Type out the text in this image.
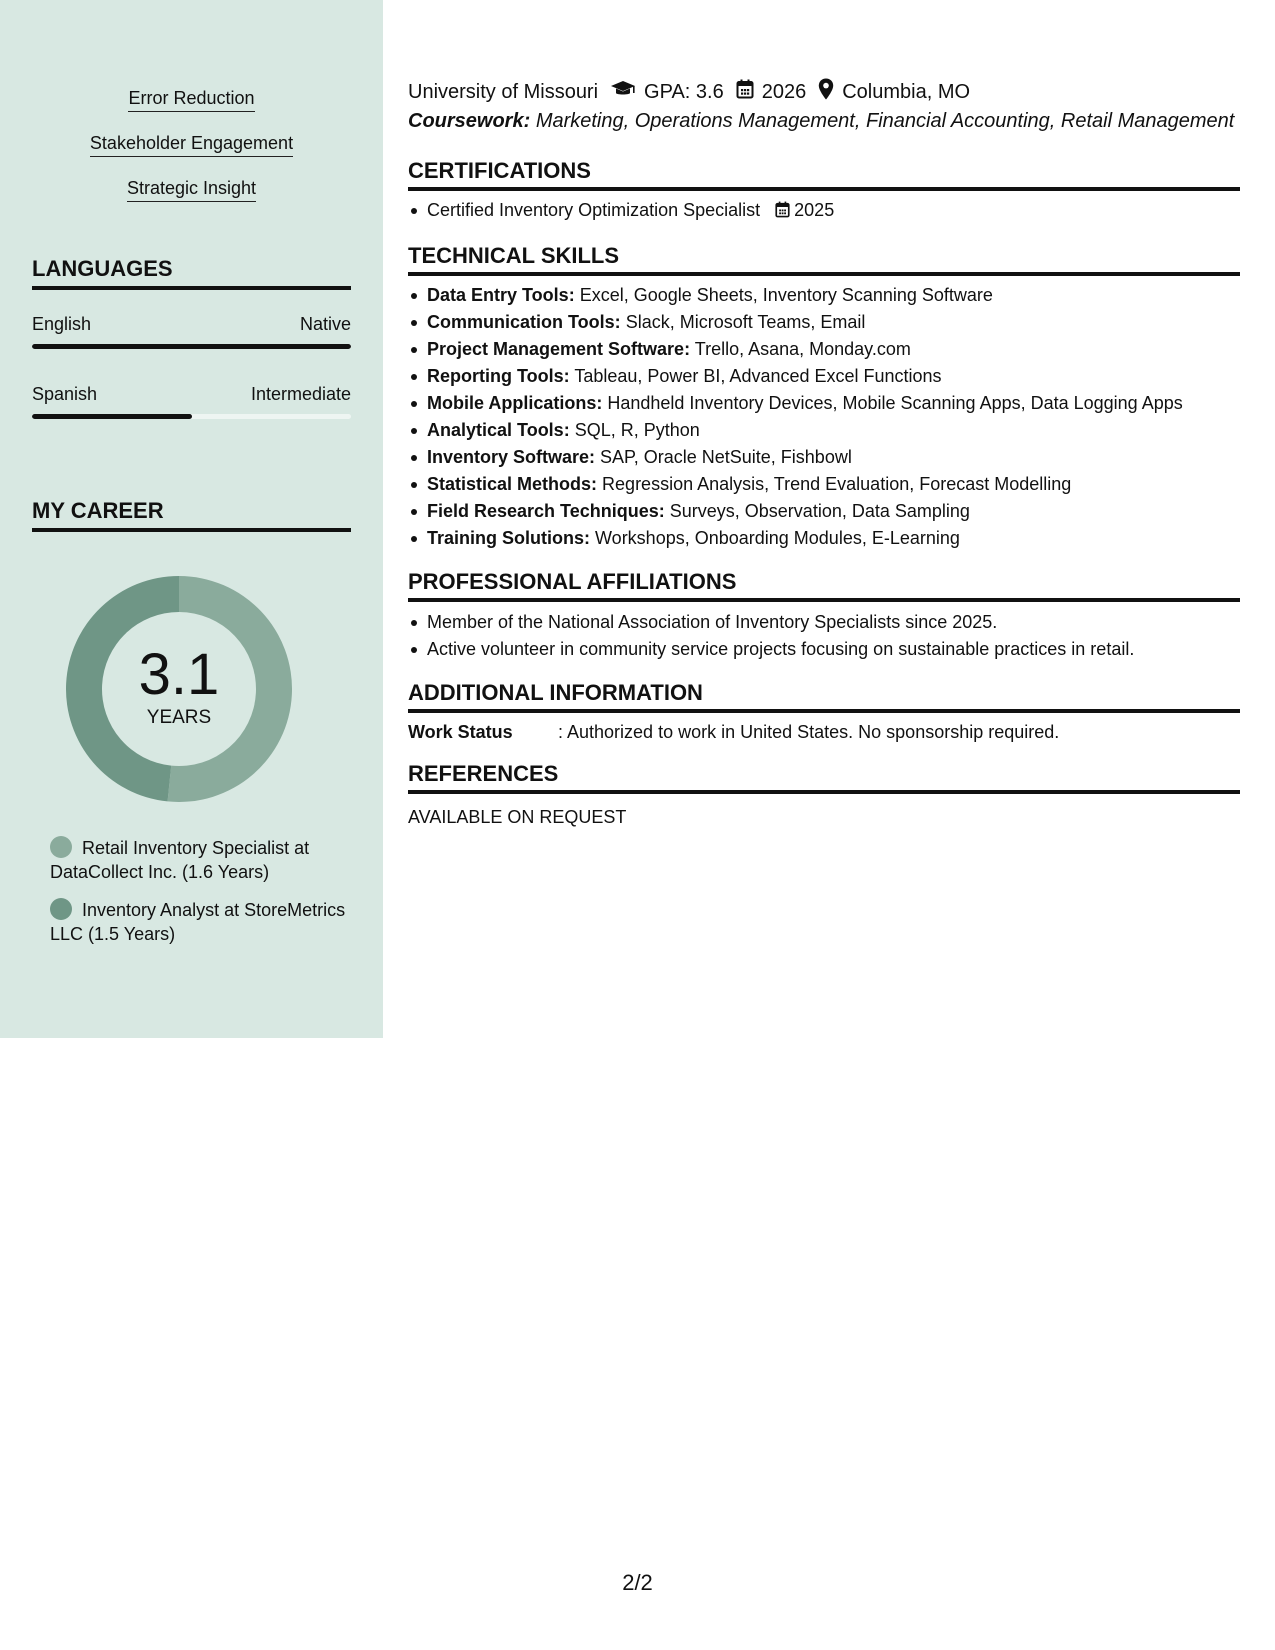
Error Reduction
Stakeholder Engagement
Strategic Insight
LANGUAGES
English	Native
Spanish	Intermediate
MY CAREER
3.1
YEARS
Retail Inventory Specialist at DataCollect Inc. (1.6 Years)
Inventory Analyst at StoreMetrics LLC (1.5 Years)
University of Missouri GPA: 3.6 2026 Columbia, MO
Coursework: Marketing, Operations Management, Financial Accounting, Retail Management
CERTIFICATIONS
Certified Inventory Optimization Specialist 2025
TECHNICAL SKILLS
Data Entry Tools: Excel, Google Sheets, Inventory Scanning Software
Communication Tools: Slack, Microsoft Teams, Email
Project Management Software: Trello, Asana, Monday.com
Reporting Tools: Tableau, Power BI, Advanced Excel Functions
Mobile Applications: Handheld Inventory Devices, Mobile Scanning Apps, Data Logging Apps
Analytical Tools: SQL, R, Python
Inventory Software: SAP, Oracle NetSuite, Fishbowl
Statistical Methods: Regression Analysis, Trend Evaluation, Forecast Modelling
Field Research Techniques: Surveys, Observation, Data Sampling
Training Solutions: Workshops, Onboarding Modules, E-Learning
PROFESSIONAL AFFILIATIONS
Member of the National Association of Inventory Specialists since 2025.
Active volunteer in community service projects focusing on sustainable practices in retail.
ADDITIONAL INFORMATION
Work Status	: Authorized to work in United States. No sponsorship required.
REFERENCES
AVAILABLE ON REQUEST
2/2
